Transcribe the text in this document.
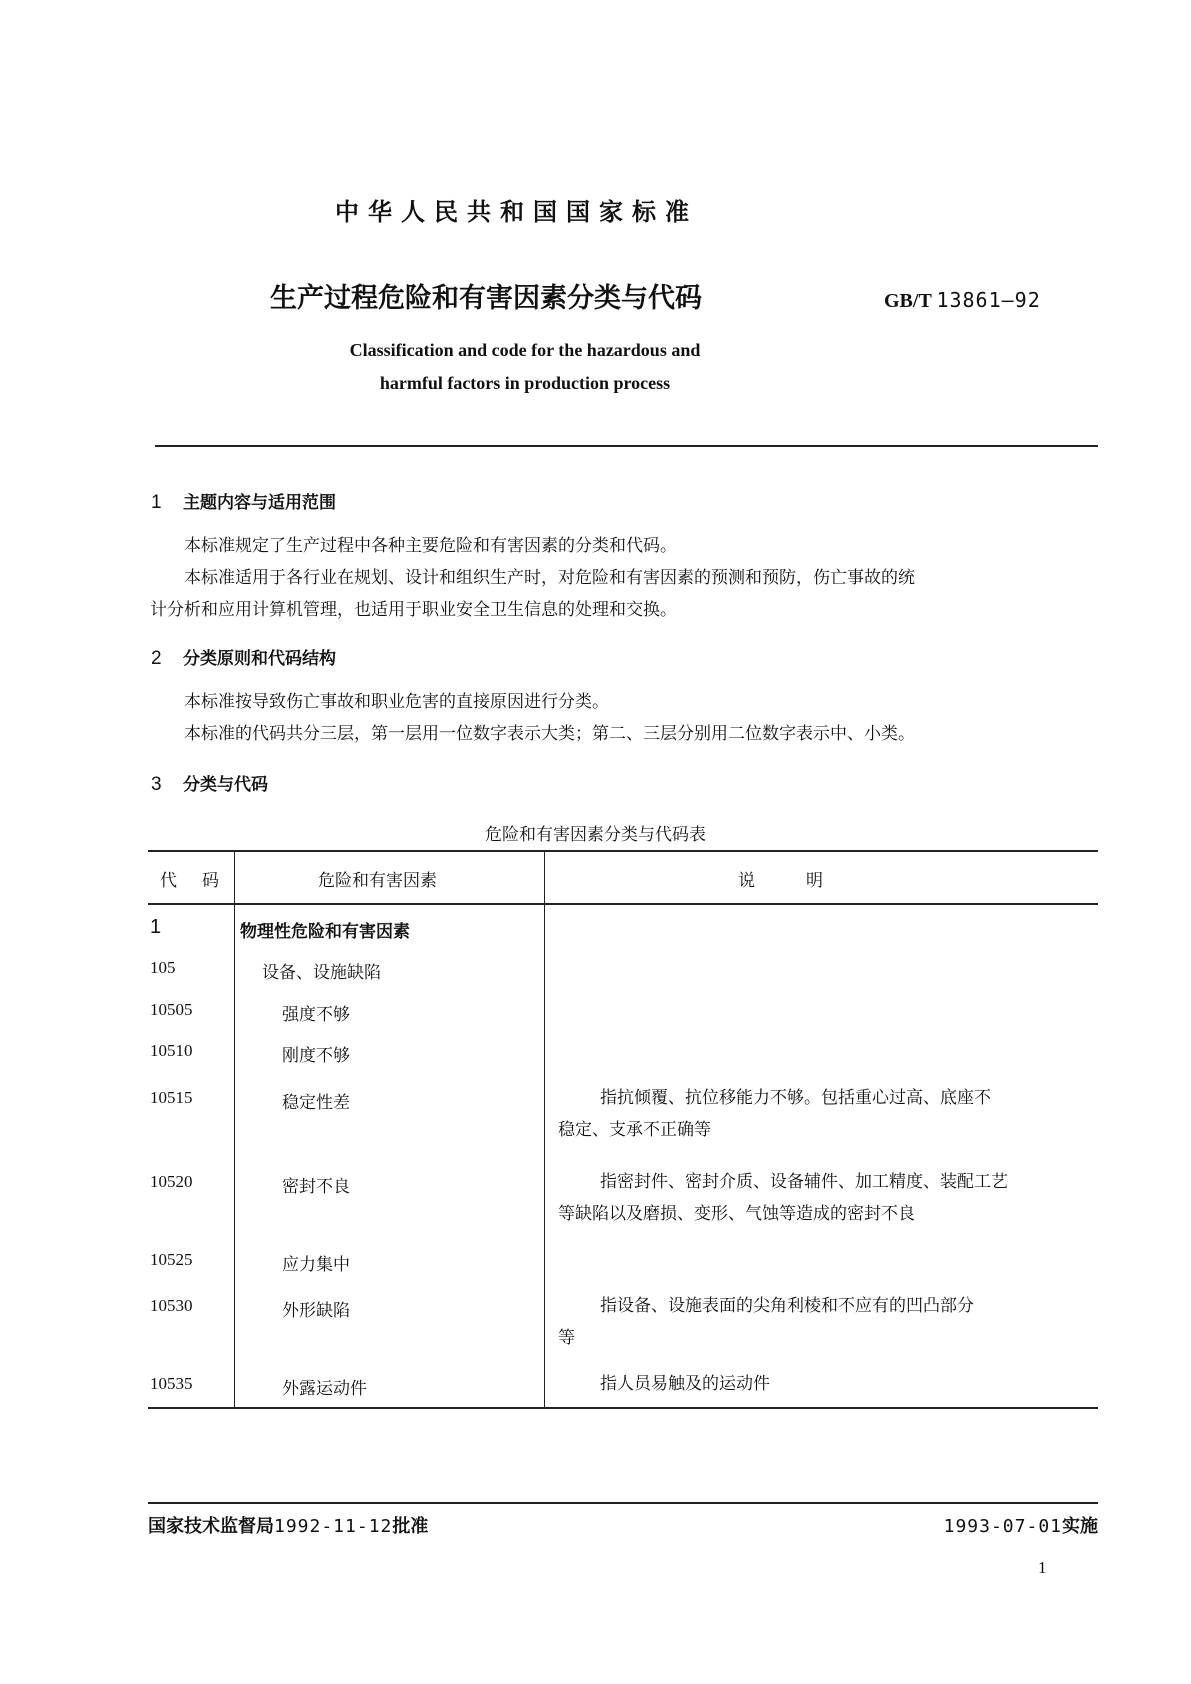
中华人民共和国国家标准
生产过程危险和有害因素分类与代码	GB/T 13861—92
Classification and code for the hazardous and
harmful factors in production process
1 主题内容与适用范围
本标准规定了生产过程中各种主要危险和有害因素的分类和代码。
本标准适用于各行业在规划、设计和组织生产时，对危险和有害因素的预测和预防，伤亡事故的统
计分析和应用计算机管理，也适用于职业安全卫生信息的处理和交换。
2 分类原则和代码结构
本标准按导致伤亡事故和职业危害的直接原因进行分类。
本标准的代码共分三层，第一层用一位数字表示大类；第二、三层分别用二位数字表示中、小类。
3 分类与代码
危险和有害因素分类与代码表
代　码	危险和有害因素	说　　　明
1	物理性危险和有害因素
105	设备、设施缺陷
10505	强度不够
10510	刚度不够
10515	稳定性差	指抗倾覆、抗位移能力不够。包括重心过高、底座不
稳定、支承不正确等
10520	密封不良	指密封件、密封介质、设备辅件、加工精度、装配工艺
等缺陷以及磨损、变形、气蚀等造成的密封不良
10525	应力集中
10530	外形缺陷	指设备、设施表面的尖角利棱和不应有的凹凸部分
等
10535	外露运动件	指人员易触及的运动件
国家技术监督局1992-11-12批准	1993-07-01实施
1
